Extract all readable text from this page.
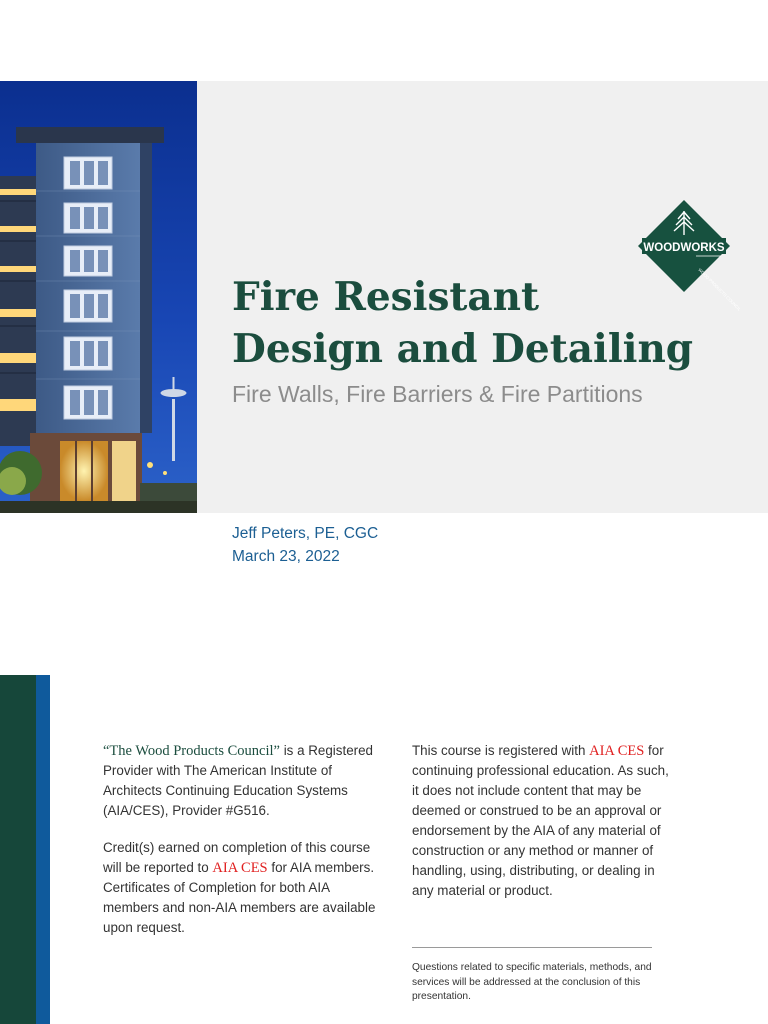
WOODWORKS
WOOD PRODUCTS COUNCIL
Fire Resistant
Design and Detailing
Fire Walls, Fire Barriers & Fire Partitions
Jeff Peters, PE, CGC
March 23, 2022

“The Wood Products Council” is a Registered Provider with The American Institute of Architects Continuing Education Systems (AIA/CES), Provider #G516.

Credit(s) earned on completion of this course will be reported to AIA CES for AIA members. Certificates of Completion for both AIA members and non-AIA members are available upon request.

This course is registered with AIA CES for continuing professional education. As such, it does not include content that may be deemed or construed to be an approval or endorsement by the AIA of any material of construction or any method or manner of handling, using, distributing, or dealing in any material or product.

Questions related to specific materials, methods, and services will be addressed at the conclusion of this presentation.
